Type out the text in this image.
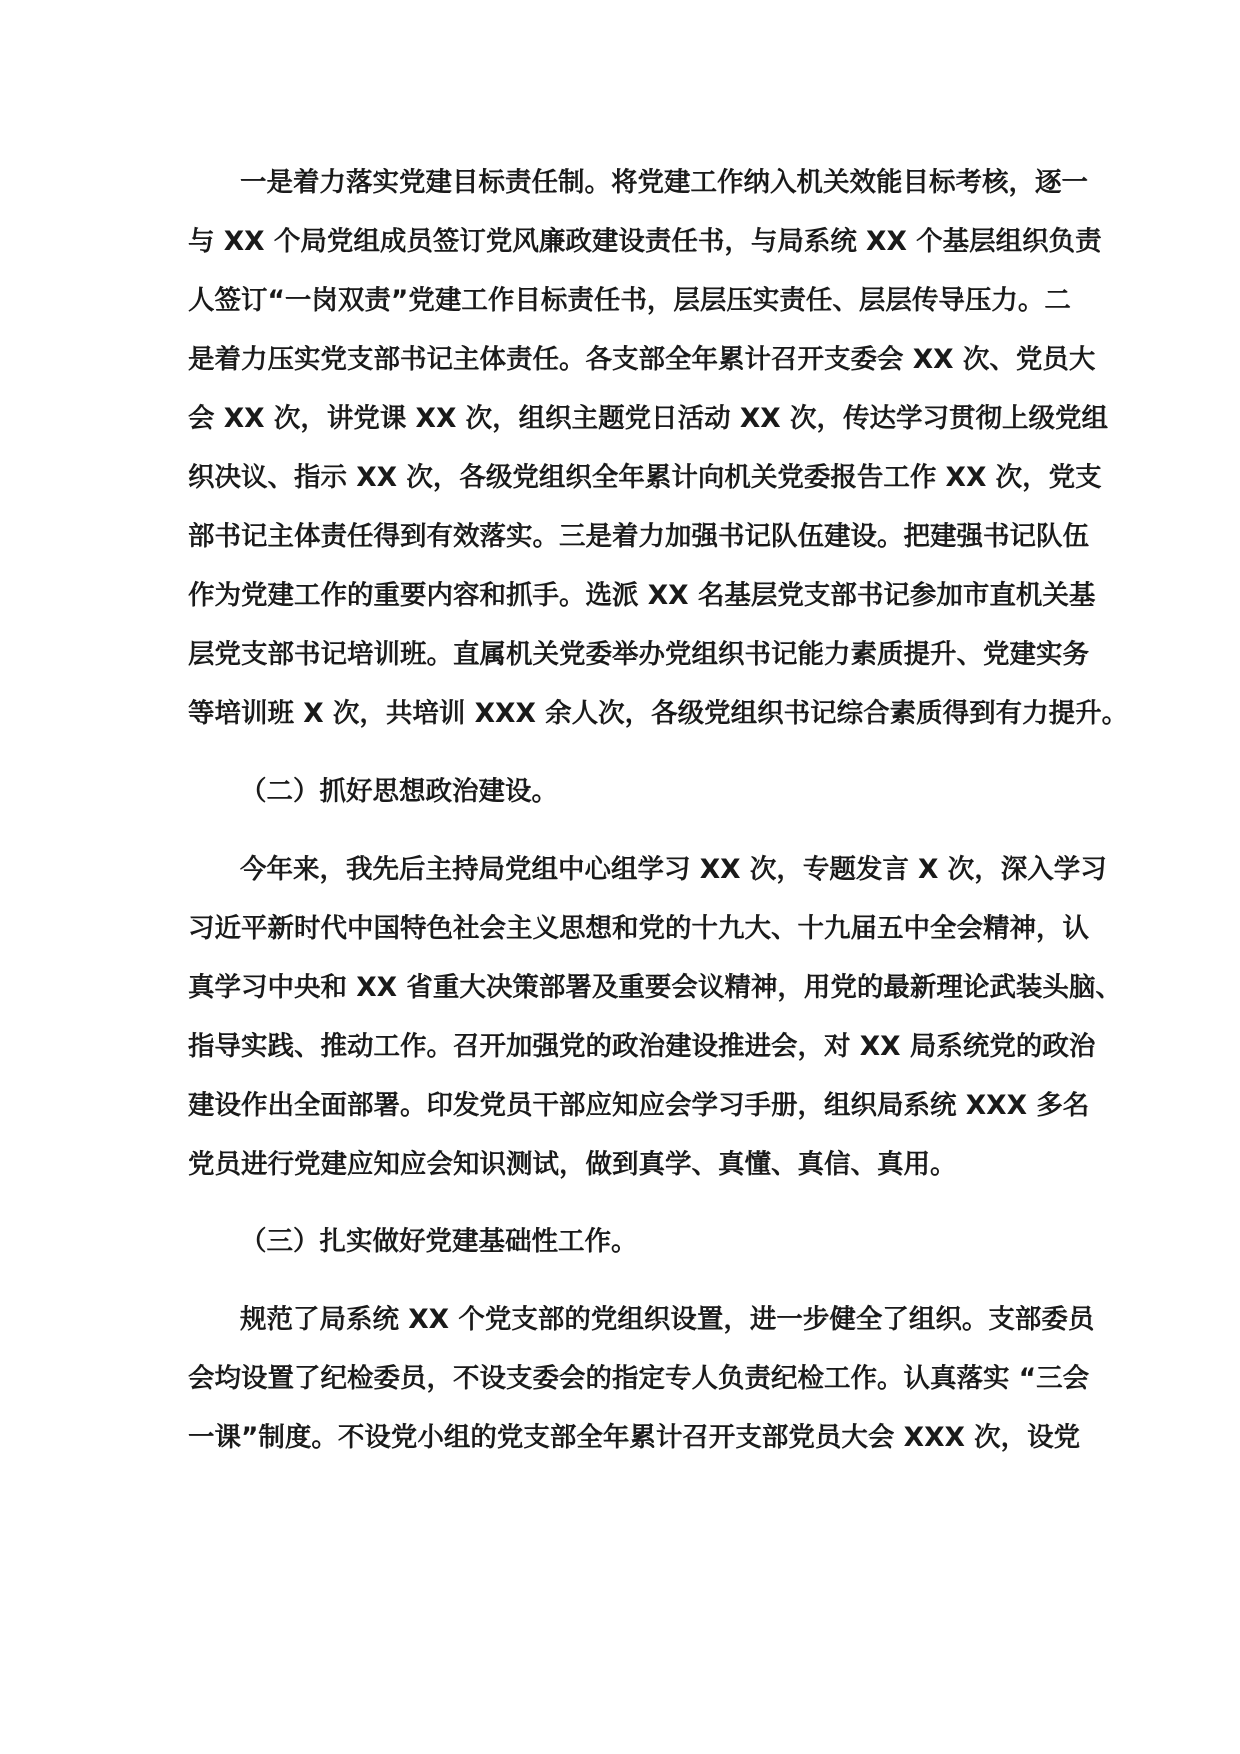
一是着力落实党建目标责任制。将党建工作纳入机关效能目标考核，逐一
与 XX 个局党组成员签订党风廉政建设责任书，与局系统 XX 个基层组织负责
人签订“一岗双责”党建工作目标责任书，层层压实责任、层层传导压力。二
是着力压实党支部书记主体责任。各支部全年累计召开支委会 XX 次、党员大
会 XX 次，讲党课 XX 次，组织主题党日活动 XX 次，传达学习贯彻上级党组
织决议、指示 XX 次，各级党组织全年累计向机关党委报告工作 XX 次，党支
部书记主体责任得到有效落实。三是着力加强书记队伍建设。把建强书记队伍
作为党建工作的重要内容和抓手。选派 XX 名基层党支部书记参加市直机关基
层党支部书记培训班。直属机关党委举办党组织书记能力素质提升、党建实务
等培训班 X 次，共培训 XXX 余人次，各级党组织书记综合素质得到有力提升。
（二）抓好思想政治建设。
今年来，我先后主持局党组中心组学习 XX 次，专题发言 X 次，深入学习
习近平新时代中国特色社会主义思想和党的十九大、十九届五中全会精神，认
真学习中央和 XX 省重大决策部署及重要会议精神，用党的最新理论武装头脑、
指导实践、推动工作。召开加强党的政治建设推进会，对 XX 局系统党的政治
建设作出全面部署。印发党员干部应知应会学习手册，组织局系统 XXX 多名
党员进行党建应知应会知识测试，做到真学、真懂、真信、真用。
（三）扎实做好党建基础性工作。
规范了局系统 XX 个党支部的党组织设置，进一步健全了组织。支部委员
会均设置了纪检委员，不设支委会的指定专人负责纪检工作。认真落实 “三会
一课”制度。不设党小组的党支部全年累计召开支部党员大会 XXX 次，设党
